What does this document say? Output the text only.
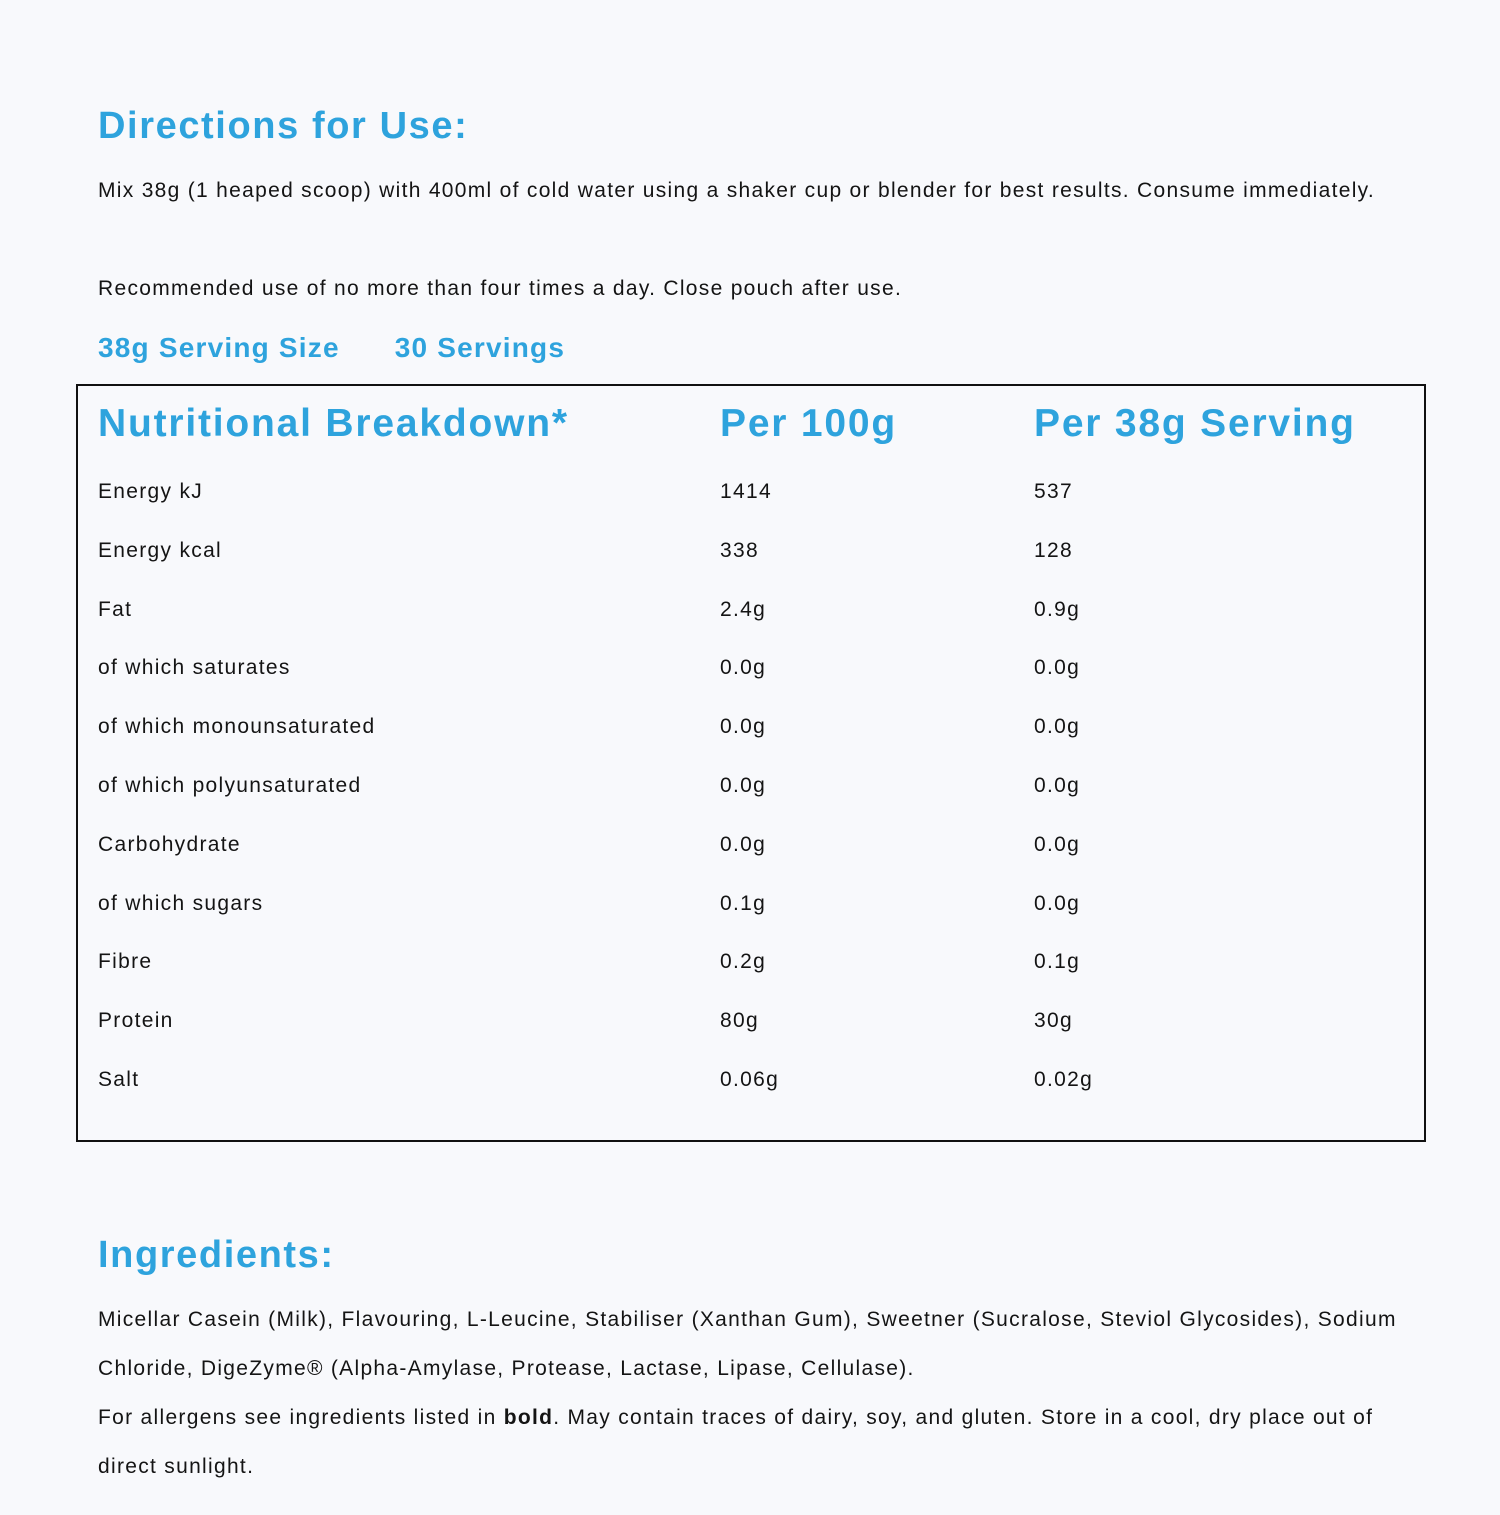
Directions for Use:

Mix 38g (1 heaped scoop) with 400ml of cold water using a shaker cup or blender for best results. Consume immediately.

Recommended use of no more than four times a day. Close pouch after use.

38g Serving Size 30 Servings
Nutritional Breakdown*	Per 100g	Per 38g Serving
Energy kJ	1414	537
Energy kcal	338	128
Fat	2.4g	0.9g
of which saturates	0.0g	0.0g
of which monounsaturated	0.0g	0.0g
of which polyunsaturated	0.0g	0.0g
Carbohydrate	0.0g	0.0g
of which sugars	0.1g	0.0g
Fibre	0.2g	0.1g
Protein	80g	30g
Salt	0.06g	0.02g
Ingredients:

Micellar Casein (Milk), Flavouring, L-Leucine, Stabiliser (Xanthan Gum), Sweetner (Sucralose, Steviol Glycosides), Sodium Chloride, DigeZyme® (Alpha-Amylase, Protease, Lactase, Lipase, Cellulase).

For allergens see ingredients listed in bold. May contain traces of dairy, soy, and gluten. Store in a cool, dry place out of direct sunlight.
